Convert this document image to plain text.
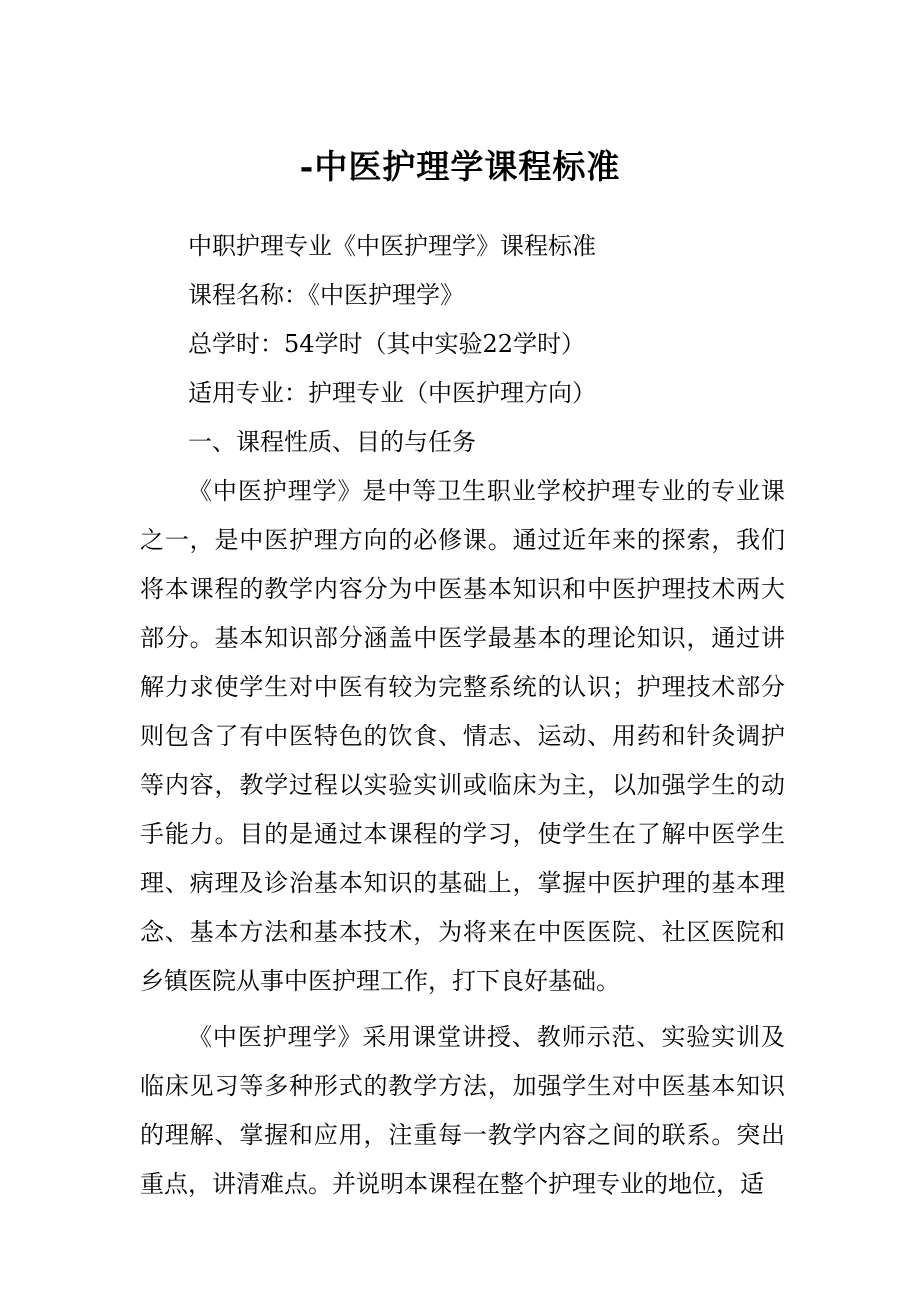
-中医护理学课程标准

中职护理专业《中医护理学》课程标准

课程名称：《中医护理学》

总学时：54学时（其中实验22学时）

适用专业：护理专业（中医护理方向）

一、课程性质、目的与任务

《中医护理学》是中等卫生职业学校护理专业的专业课之一，是中医护理方向的必修课。通过近年来的探索，我们将本课程的教学内容分为中医基本知识和中医护理技术两大部分。基本知识部分涵盖中医学最基本的理论知识，通过讲解力求使学生对中医有较为完整系统的认识；护理技术部分则包含了有中医特色的饮食、情志、运动、用药和针灸调护等内容，教学过程以实验实训或临床为主，以加强学生的动手能力。目的是通过本课程的学习，使学生在了解中医学生理、病理及诊治基本知识的基础上，掌握中医护理的基本理念、基本方法和基本技术，为将来在中医医院、社区医院和乡镇医院从事中医护理工作，打下良好基础。

《中医护理学》采用课堂讲授、教师示范、实验实训及临床见习等多种形式的教学方法，加强学生对中医基本知识的理解、掌握和应用，注重每一教学内容之间的联系。突出重点，讲清难点。并说明本课程在整个护理专业的地位，适
